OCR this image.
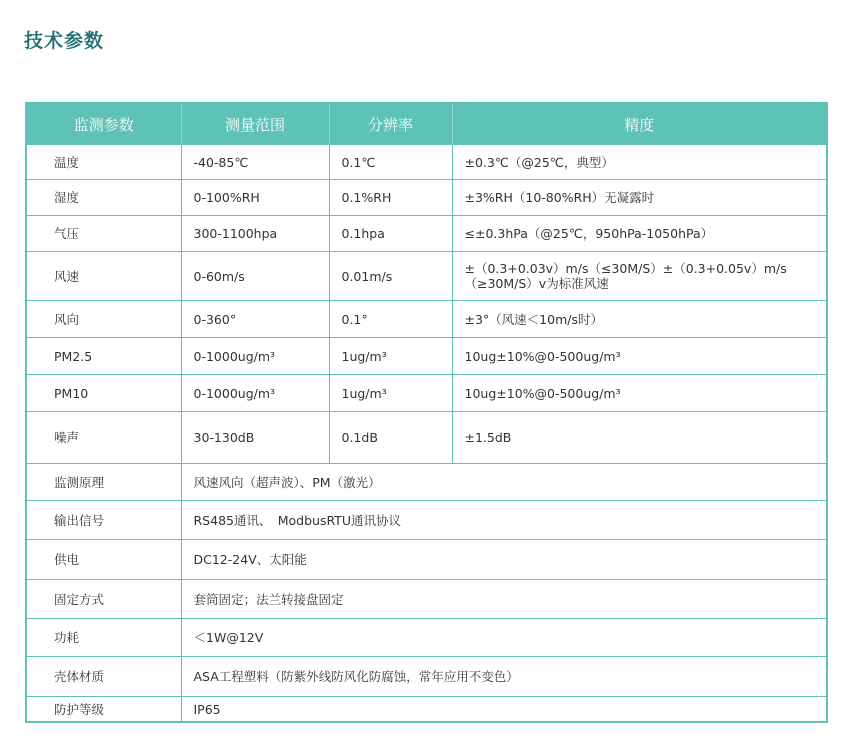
技术参数
监测参数	测量范围	分辨率	精度
温度	-40-85℃	0.1℃	±0.3℃（@25℃，典型）
湿度	0-100%RH	0.1%RH	±3%RH（10-80%RH）无凝露时
气压	300-1100hpa	0.1hpa	≤±0.3hPa（@25℃，950hPa-1050hPa）
风速	0-60m/s	0.01m/s	±（0.3+0.03v）m/s（≤30M/S）±（0.3+0.05v）m/s（≥30M/S）v为标准风速
风向	0-360°	0.1°	±3°（风速＜10m/s时）
PM2.5	0-1000ug/m³	1ug/m³	10ug±10%@0-500ug/m³
PM10	0-1000ug/m³	1ug/m³	10ug±10%@0-500ug/m³
噪声	30-130dB	0.1dB	±1.5dB
监测原理	风速风向（超声波）、PM（激光）		
输出信号	RS485通讯、　ModbusRTU通讯协议		
供电	DC12-24V、太阳能		
固定方式	套筒固定；法兰转接盘固定		
功耗	＜1W@12V		
壳体材质	ASA工程塑料（防紫外线防风化防腐蚀，常年应用不变色）		
防护等级	IP65		
